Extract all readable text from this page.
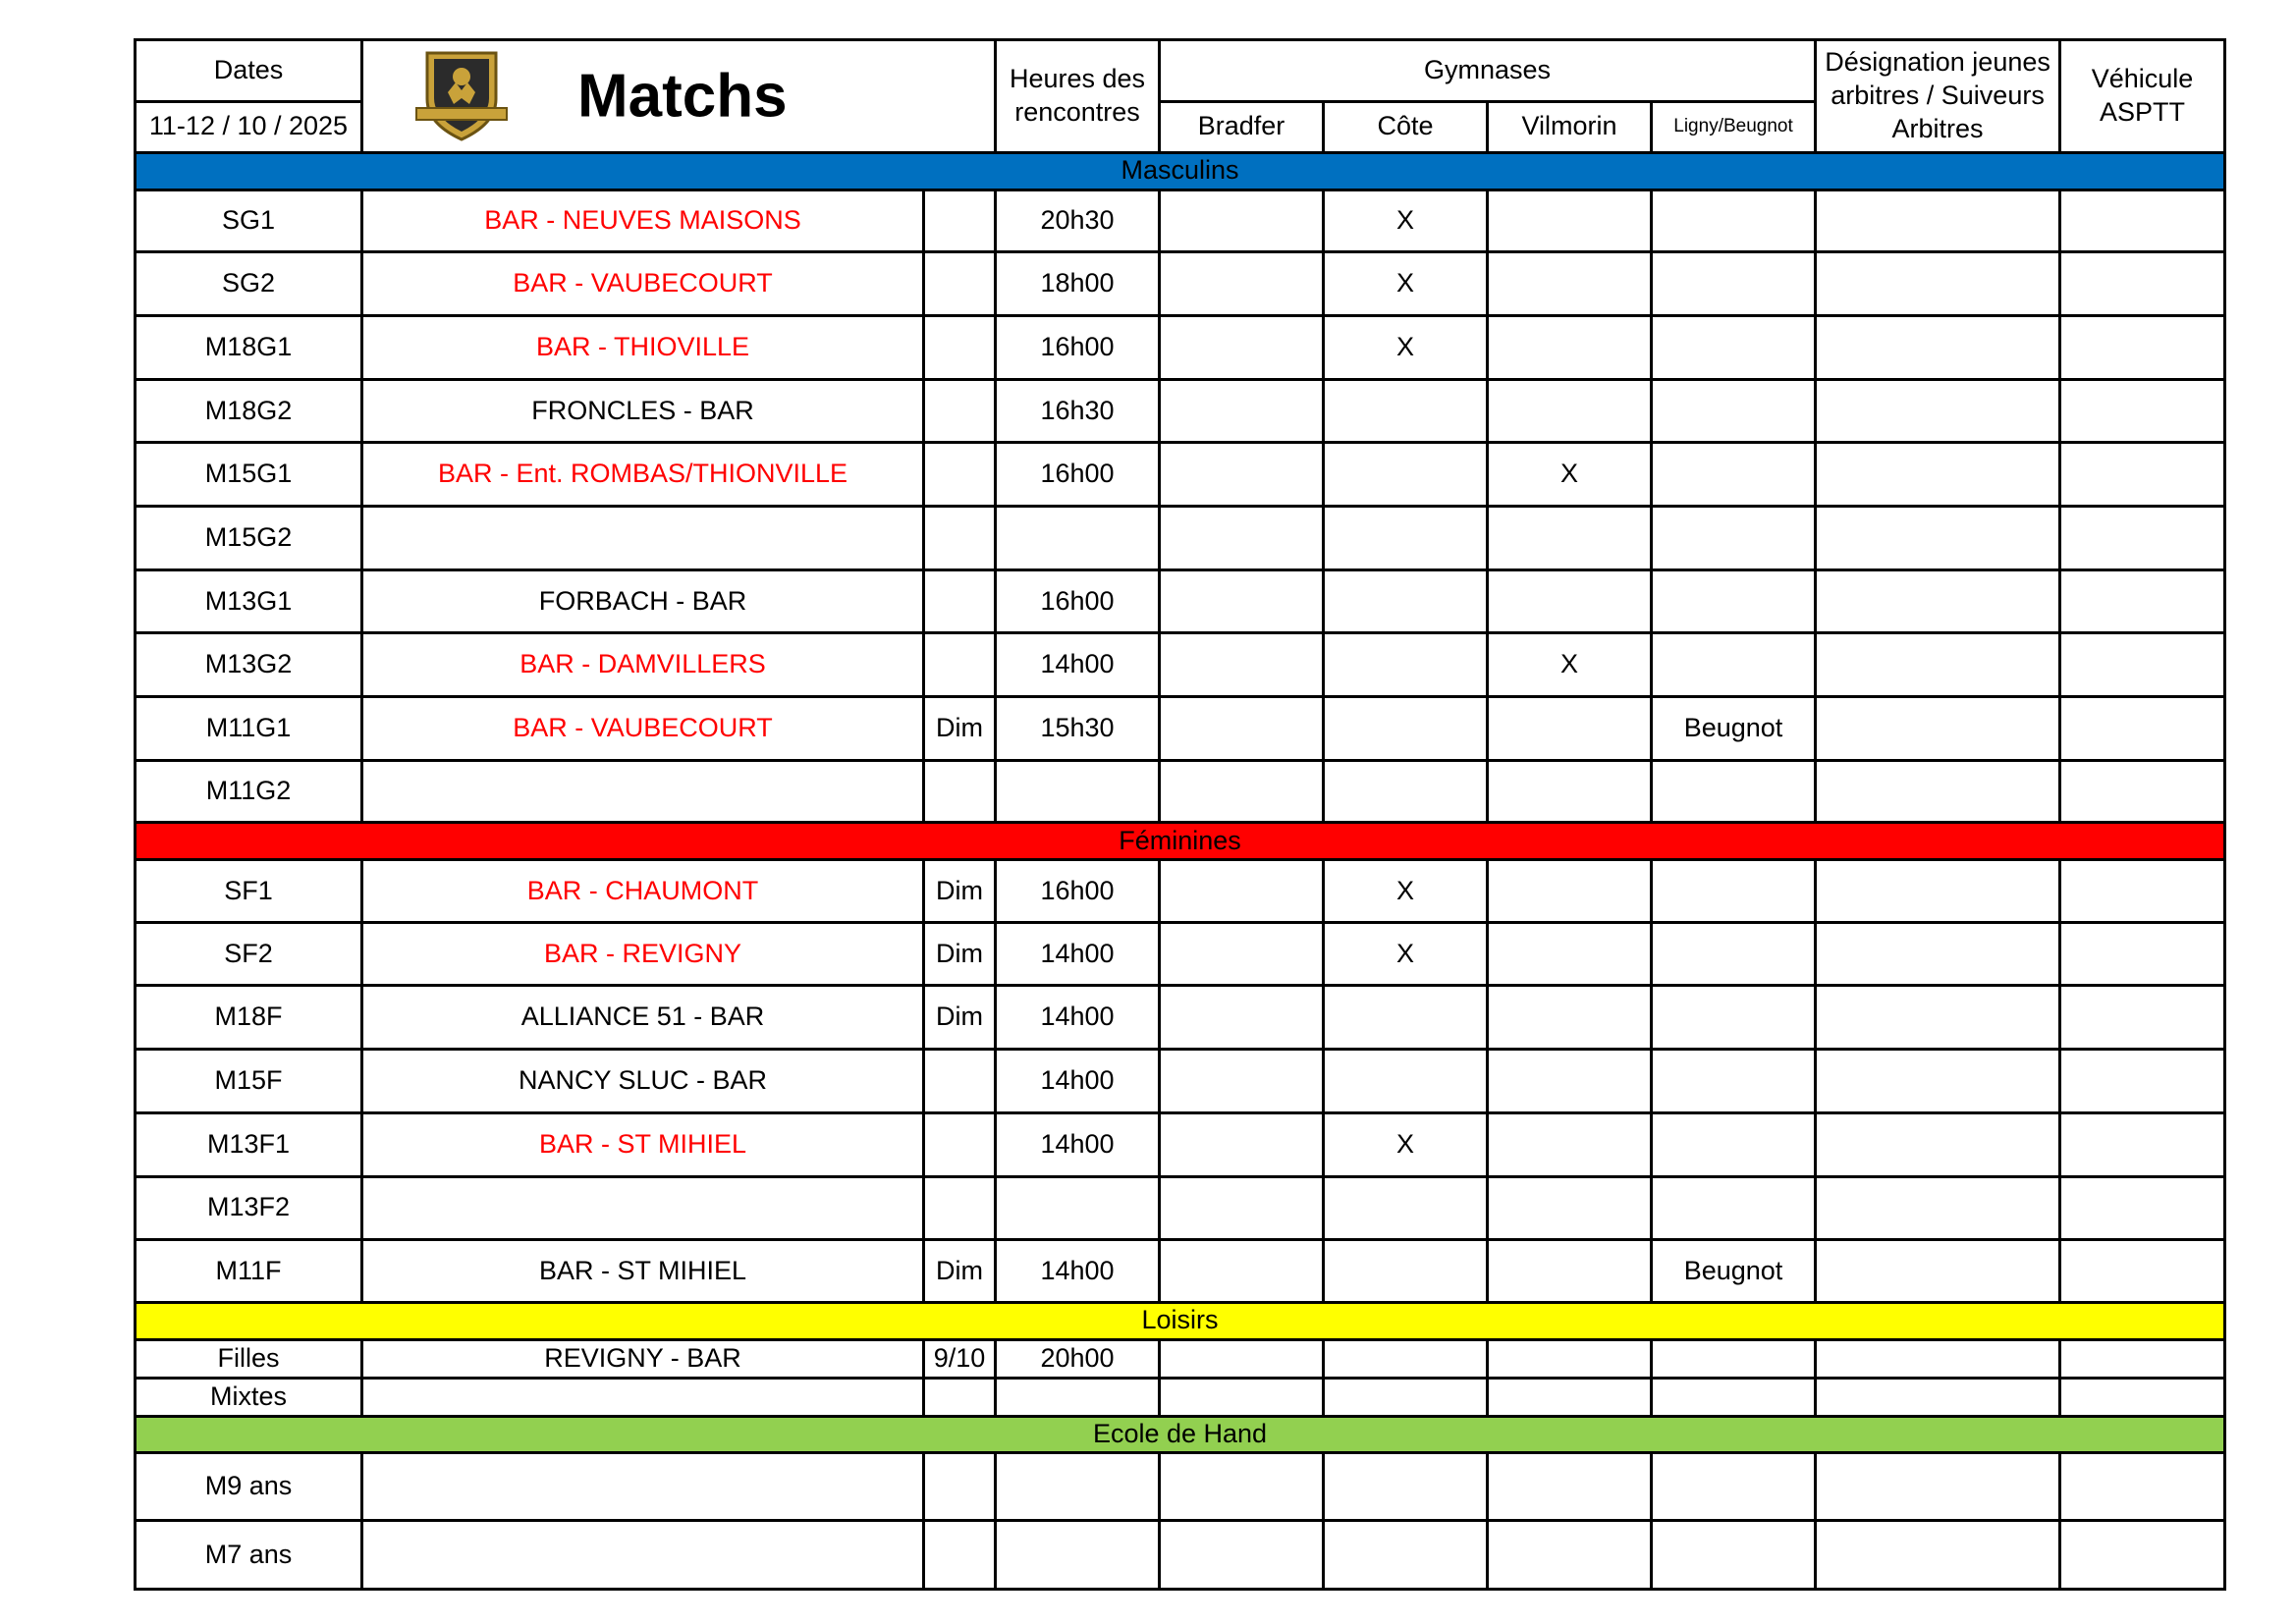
Dates	Matchs		Heures des rencontres	Gymnases				Désignation jeunes arbitres / Suiveurs Arbitres	Véhicule ASPTT
11-12 / 10 / 2025				Bradfer	Côte	Vilmorin	Ligny/Beugnot		
Masculins									
SG1	BAR - NEUVES MAISONS		20h30		X				
SG2	BAR - VAUBECOURT		18h00		X				
M18G1	BAR - THIOVILLE		16h00		X				
M18G2	FRONCLES - BAR		16h30						
M15G1	BAR - Ent. ROMBAS/THIONVILLE		16h00			X			
M15G2									
M13G1	FORBACH - BAR		16h00						
M13G2	BAR - DAMVILLERS		14h00			X			
M11G1	BAR - VAUBECOURT	Dim	15h30				Beugnot		
M11G2									
Féminines									
SF1	BAR - CHAUMONT	Dim	16h00		X				
SF2	BAR - REVIGNY	Dim	14h00		X				
M18F	ALLIANCE 51 - BAR	Dim	14h00						
M15F	NANCY SLUC - BAR		14h00						
M13F1	BAR - ST MIHIEL		14h00		X				
M13F2									
M11F	BAR - ST MIHIEL	Dim	14h00				Beugnot		
Loisirs									
Filles	REVIGNY - BAR	9/10	20h00						
Mixtes									
Ecole de Hand									
M9 ans									
M7 ans									
